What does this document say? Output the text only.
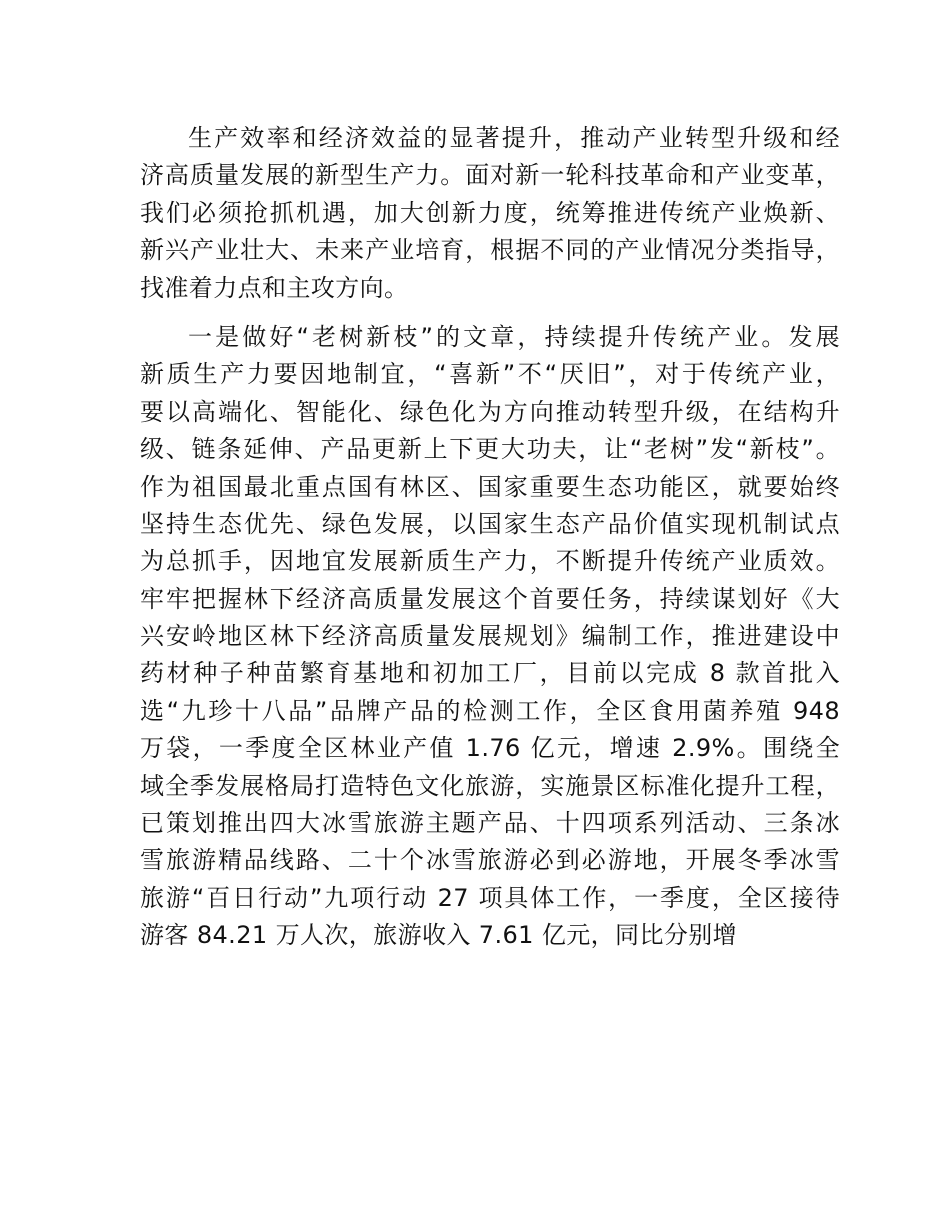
生产效率和经济效益的显著提升，推动产业转型升级和经
济高质量发展的新型生产力。面对新一轮科技革命和产业变革，
我们必须抢抓机遇，加大创新力度，统筹推进传统产业焕新、
新兴产业壮大、未来产业培育，根据不同的产业情况分类指导，
找准着力点和主攻方向。
一是做好“老树新枝”的文章，持续提升传统产业。发展
新质生产力要因地制宜，“喜新”不“厌旧”，对于传统产业，
要以高端化、智能化、绿色化为方向推动转型升级，在结构升
级、链条延伸、产品更新上下更大功夫，让“老树”发“新枝”。
作为祖国最北重点国有林区、国家重要生态功能区，就要始终
坚持生态优先、绿色发展，以国家生态产品价值实现机制试点
为总抓手，因地宜发展新质生产力，不断提升传统产业质效。
牢牢把握林下经济高质量发展这个首要任务，持续谋划好《大
兴安岭地区林下经济高质量发展规划》编制工作，推进建设中
药材种子种苗繁育基地和初加工厂，目前以完成 8 款首批入
选“九珍十八品”品牌产品的检测工作，全区食用菌养殖 948
万袋，一季度全区林业产值 1.76 亿元，增速 2.9%。围绕全
域全季发展格局打造特色文化旅游，实施景区标准化提升工程，
已策划推出四大冰雪旅游主题产品、十四项系列活动、三条冰
雪旅游精品线路、二十个冰雪旅游必到必游地，开展冬季冰雪
旅游“百日行动”九项行动 27 项具体工作，一季度，全区接待
游客 84.21 万人次，旅游收入 7.61 亿元，同比分别增
